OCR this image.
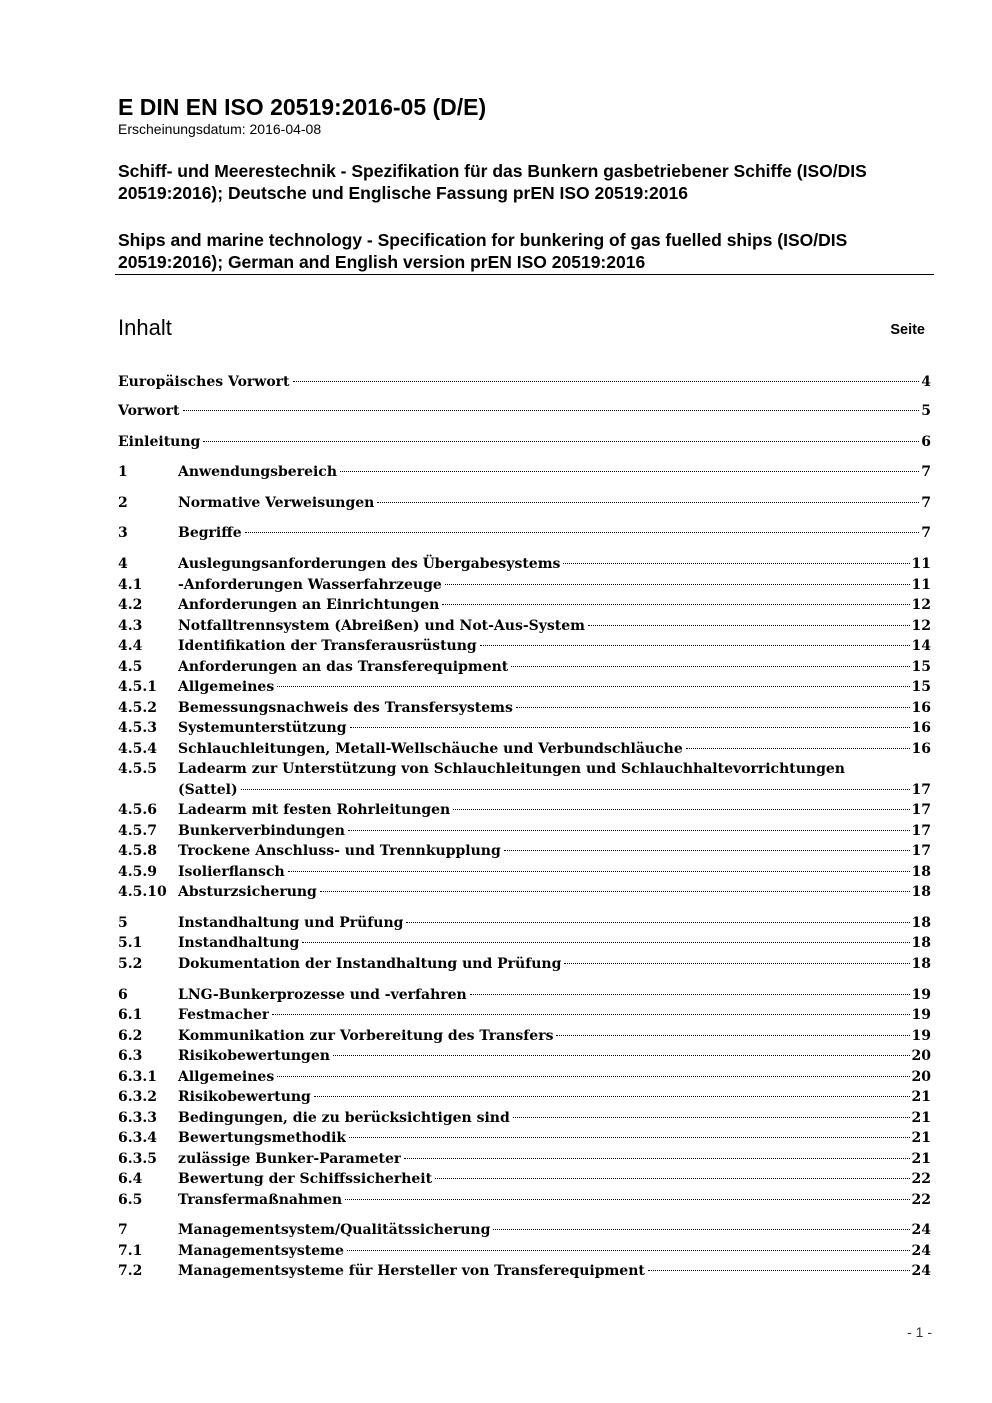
E DIN EN ISO 20519:2016-05 (D/E)
Erscheinungsdatum: 2016-04-08
Schiff- und Meerestechnik - Spezifikation für das Bunkern gasbetriebener Schiffe (ISO/DIS 20519:2016); Deutsche und Englische Fassung prEN ISO 20519:2016
Ships and marine technology - Specification for bunkering of gas fuelled ships (ISO/DIS 20519:2016); German and English version prEN ISO 20519:2016
Inhalt	Seite
Europäisches Vorwort	4
Vorwort	5
Einleitung	6
1	Anwendungsbereich	7
2	Normative Verweisungen	7
3	Begriffe	7
4	Auslegungsanforderungen des Übergabesystems	11
4.1	-Anforderungen Wasserfahrzeuge	11
4.2	Anforderungen an Einrichtungen	12
4.3	Notfalltrennsystem (Abreißen) und Not-Aus-System	12
4.4	Identifikation der Transferausrüstung	14
4.5	Anforderungen an das Transferequipment	15
4.5.1	Allgemeines	15
4.5.2	Bemessungsnachweis des Transfersystems	16
4.5.3	Systemunterstützung	16
4.5.4	Schlauchleitungen, Metall-Wellschäuche und Verbundschläuche	16
4.5.5	Ladearm zur Unterstützung von Schlauchleitungen und Schlauchhaltevorrichtungen
(Sattel)	17
4.5.6	Ladearm mit festen Rohrleitungen	17
4.5.7	Bunkerverbindungen	17
4.5.8	Trockene Anschluss- und Trennkupplung	17
4.5.9	Isolierflansch	18
4.5.10 Absturzsicherung	18
5	Instandhaltung und Prüfung	18
5.1	Instandhaltung	18
5.2	Dokumentation der Instandhaltung und Prüfung	18
6	LNG-Bunkerprozesse und -verfahren	19
6.1	Festmacher	19
6.2	Kommunikation zur Vorbereitung des Transfers	19
6.3	Risikobewertungen	20
6.3.1	Allgemeines	20
6.3.2	Risikobewertung	21
6.3.3	Bedingungen, die zu berücksichtigen sind	21
6.3.4	Bewertungsmethodik	21
6.3.5	zulässige Bunker-Parameter	21
6.4	Bewertung der Schiffssicherheit	22
6.5	Transfermaßnahmen	22
7	Managementsystem/Qualitätssicherung	24
7.1	Managementsysteme	24
7.2	Managementsysteme für Hersteller von Transferequipment	24
- 1 -
